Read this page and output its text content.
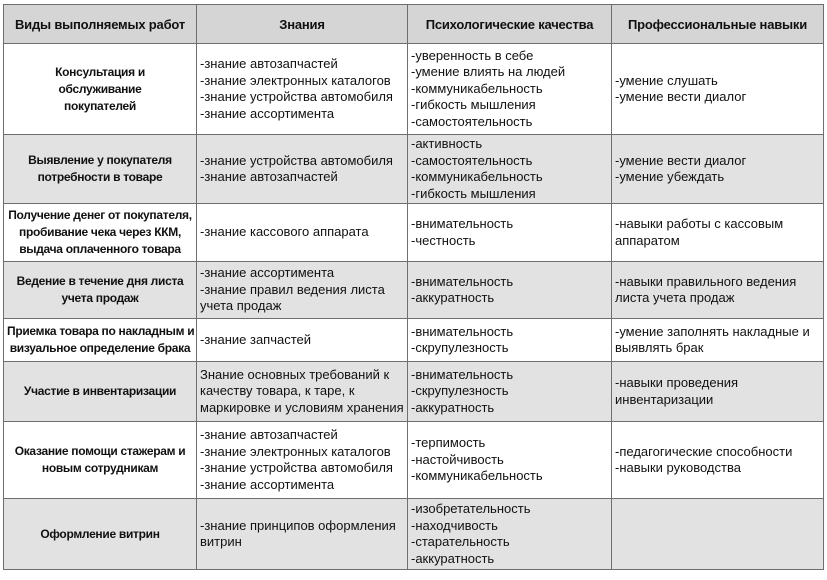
Виды выполняемых работ	Знания	Психологические качества	Профессиональные навыки

Консультация и
обслуживание
покупателей	-знание автозапчастей
-знание электронных каталогов
-знание устройства автомобиля
-знание ассортимента	-уверенность в себе
-умение влиять на людей
-коммуникабельность
-гибкость мышления
-самостоятельность	-умение слушать
-умение вести диалог

Выявление у покупателя
потребности в товаре	-знание устройства автомобиля
-знание автозапчастей	-активность
-самостоятельность
-коммуникабельность
-гибкость мышления	-умение вести диалог
-умение убеждать

Получение денег от покупателя,
пробивание чека через ККМ,
выдача оплаченного товара	-знание кассового аппарата	-внимательность
-честность	-навыки работы с кассовым
аппаратом

Ведение в течение дня листа
учета продаж	-знание ассортимента
-знание правил ведения листа
учета продаж	-внимательность
-аккуратность	-навыки правильного ведения
листа учета продаж

Приемка товара по накладным и
визуальное определение брака	-знание запчастей	-внимательность
-скрупулезность	-умение заполнять накладные и
выявлять брак

Участие в инвентаризации	Знание основных требований к
качеству товара, к таре, к
маркировке и условиям хранения	-внимательность
-скрупулезность
-аккуратность	-навыки проведения
инвентаризации

Оказание помощи стажерам и
новым сотрудникам	-знание автозапчастей
-знание электронных каталогов
-знание устройства автомобиля
-знание ассортимента	-терпимость
-настойчивость
-коммуникабельность	-педагогические способности
-навыки руководства

Оформление витрин	-знание принципов оформления
витрин	-изобретательность
-находчивость
-старательность
-аккуратность	
